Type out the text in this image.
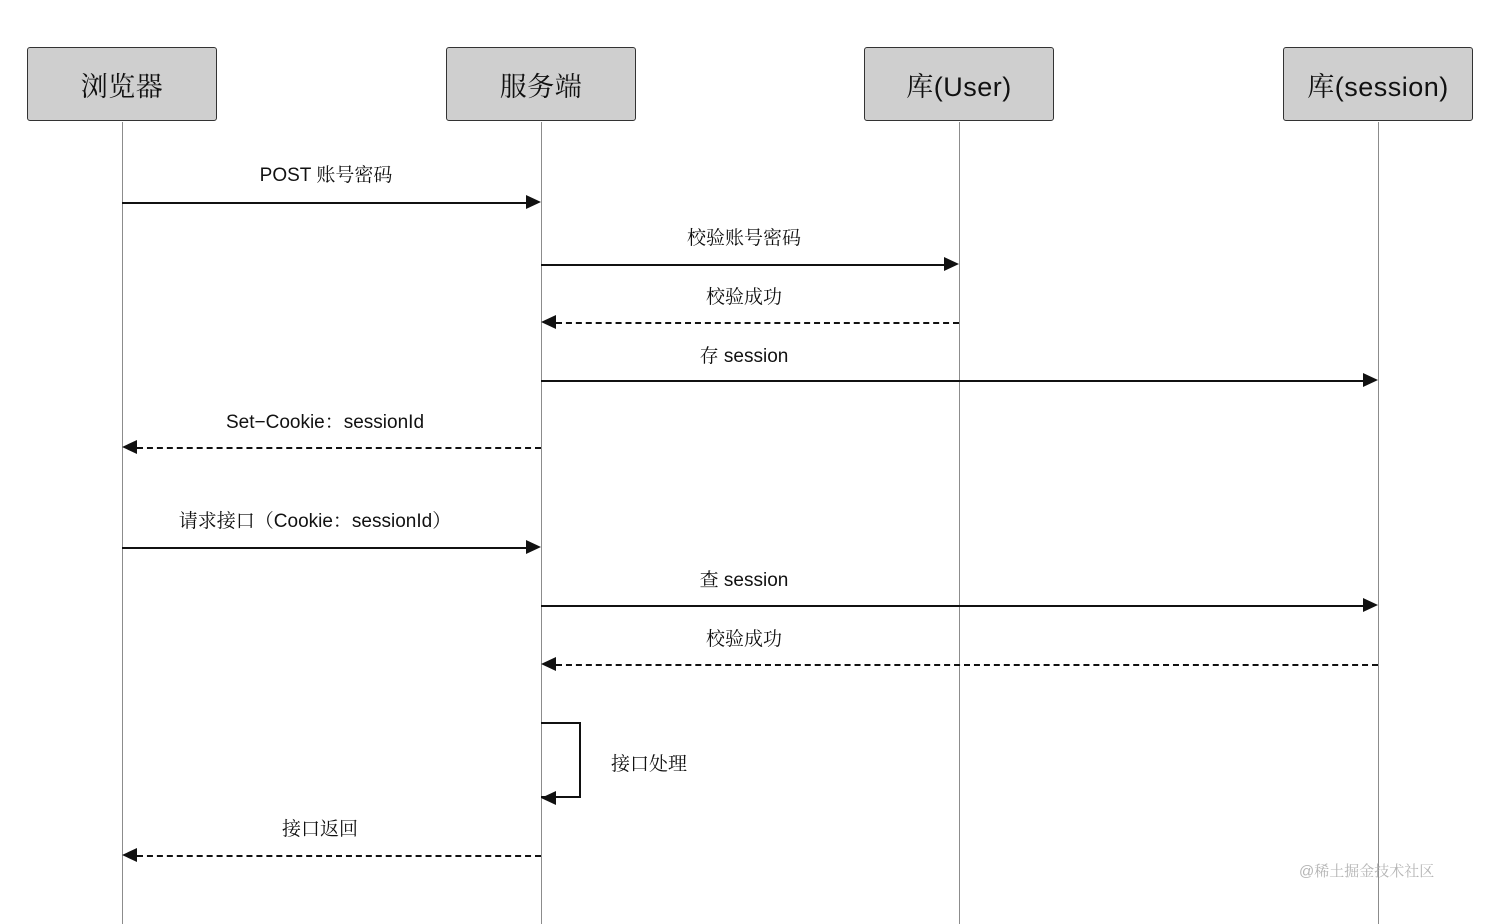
浏览器	服务端	库(User)	库(session)
POST 账号密码
校验账号密码
校验成功
存 session
Set−Cookie：sessionId
请求接口（Cookie：sessionId）
查 session
校验成功
接口处理
接口返回
@稀土掘金技术社区
